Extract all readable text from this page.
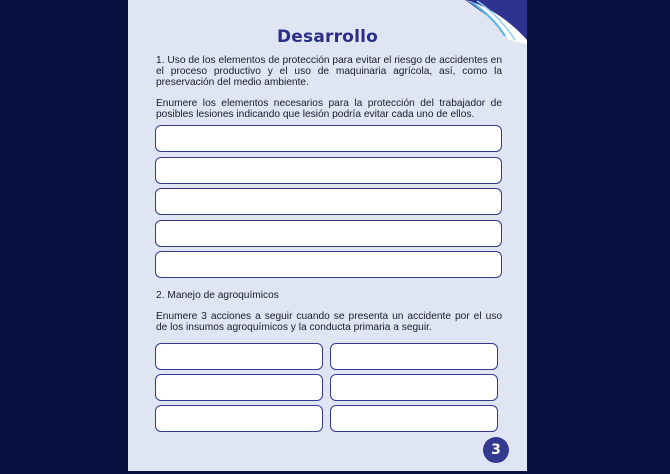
Desarrollo
1. Uso de los elementos de protección para evitar el riesgo de accidentes en el proceso productivo y el uso de maquinaria agrícola, así, como la preservación del medio ambiente.
Enumere los elementos necesarios para la protección del trabajador de posibles lesiones indicando que lesión podría evitar cada uno de ellos.
2. Manejo de agroquímicos
Enumere 3 acciones a seguir cuando se presenta un accidente por el uso de los insumos agroquímicos y la conducta primaria a seguir.
3
